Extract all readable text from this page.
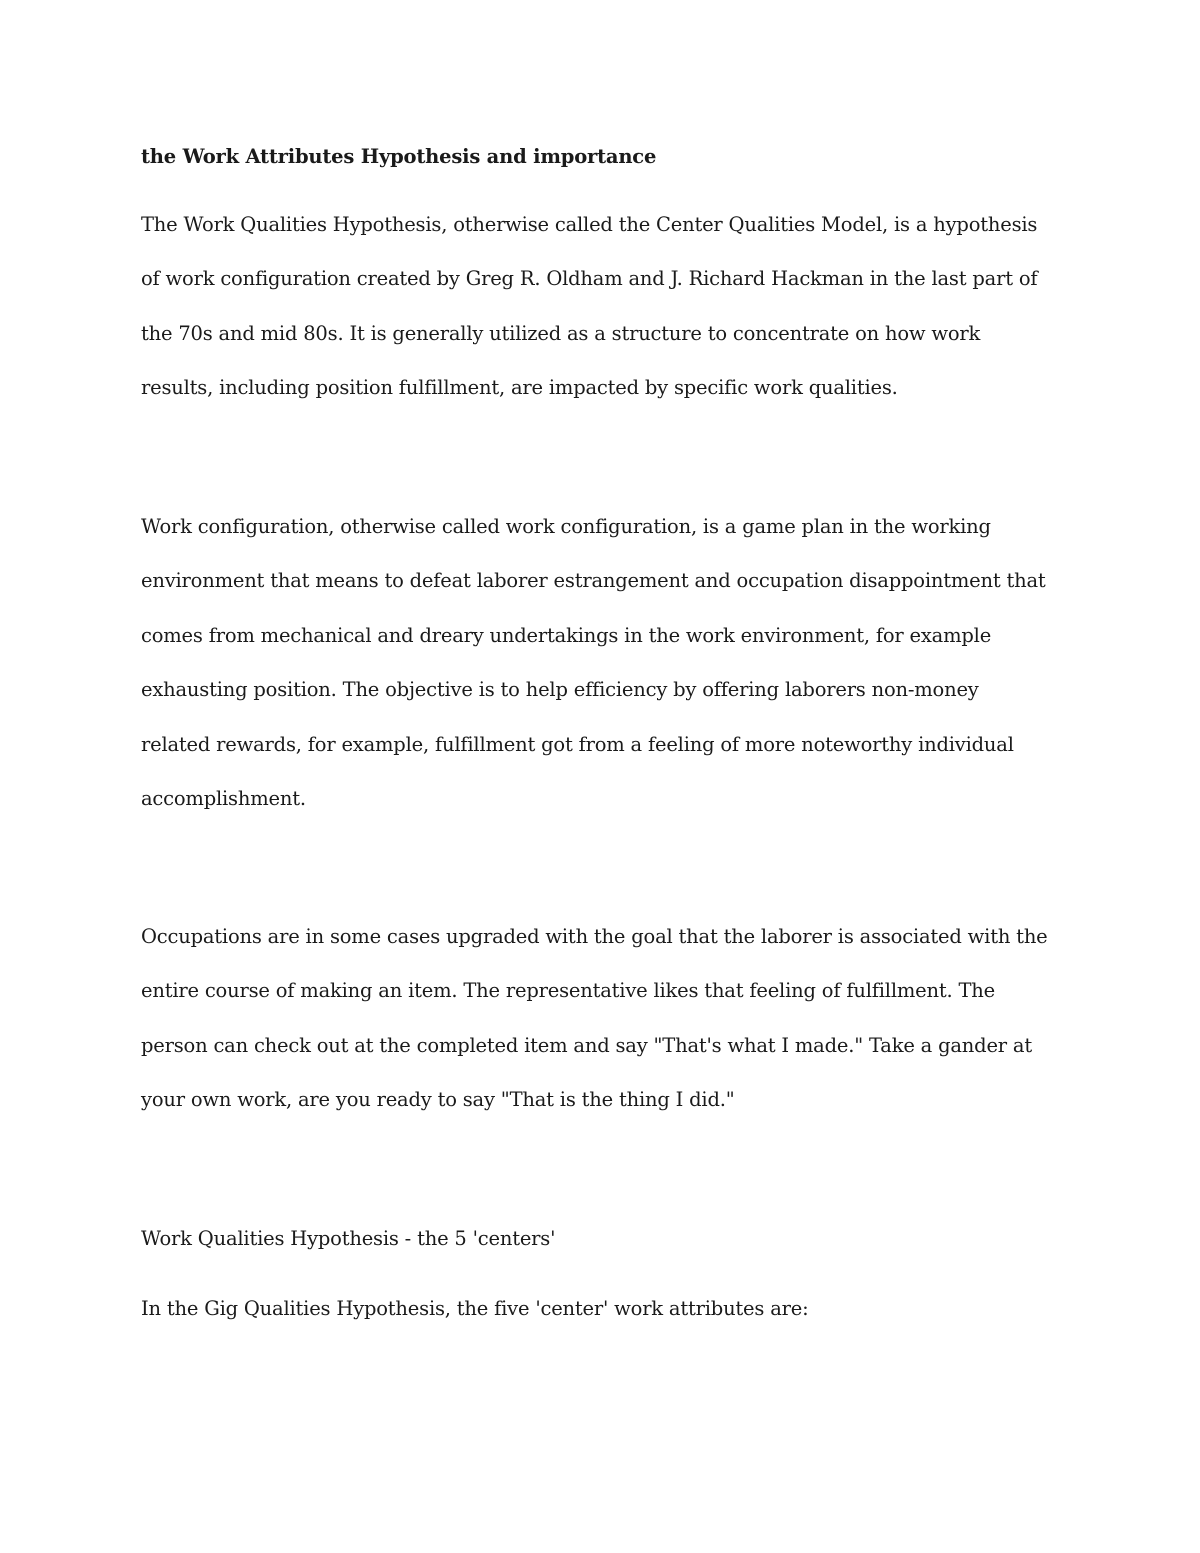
the Work Attributes Hypothesis and importance

The Work Qualities Hypothesis, otherwise called the Center Qualities Model, is a hypothesis of work configuration created by Greg R. Oldham and J. Richard Hackman in the last part of the 70s and mid 80s. It is generally utilized as a structure to concentrate on how work results, including position fulfillment, are impacted by specific work qualities.

Work configuration, otherwise called work configuration, is a game plan in the working environment that means to defeat laborer estrangement and occupation disappointment that comes from mechanical and dreary undertakings in the work environment, for example exhausting position. The objective is to help efficiency by offering laborers non-money related rewards, for example, fulfillment got from a feeling of more noteworthy individual accomplishment.

Occupations are in some cases upgraded with the goal that the laborer is associated with the entire course of making an item. The representative likes that feeling of fulfillment. The person can check out at the completed item and say "That's what I made." Take a gander at your own work, are you ready to say "That is the thing I did."

Work Qualities Hypothesis - the 5 'centers'

In the Gig Qualities Hypothesis, the five 'center' work attributes are:
